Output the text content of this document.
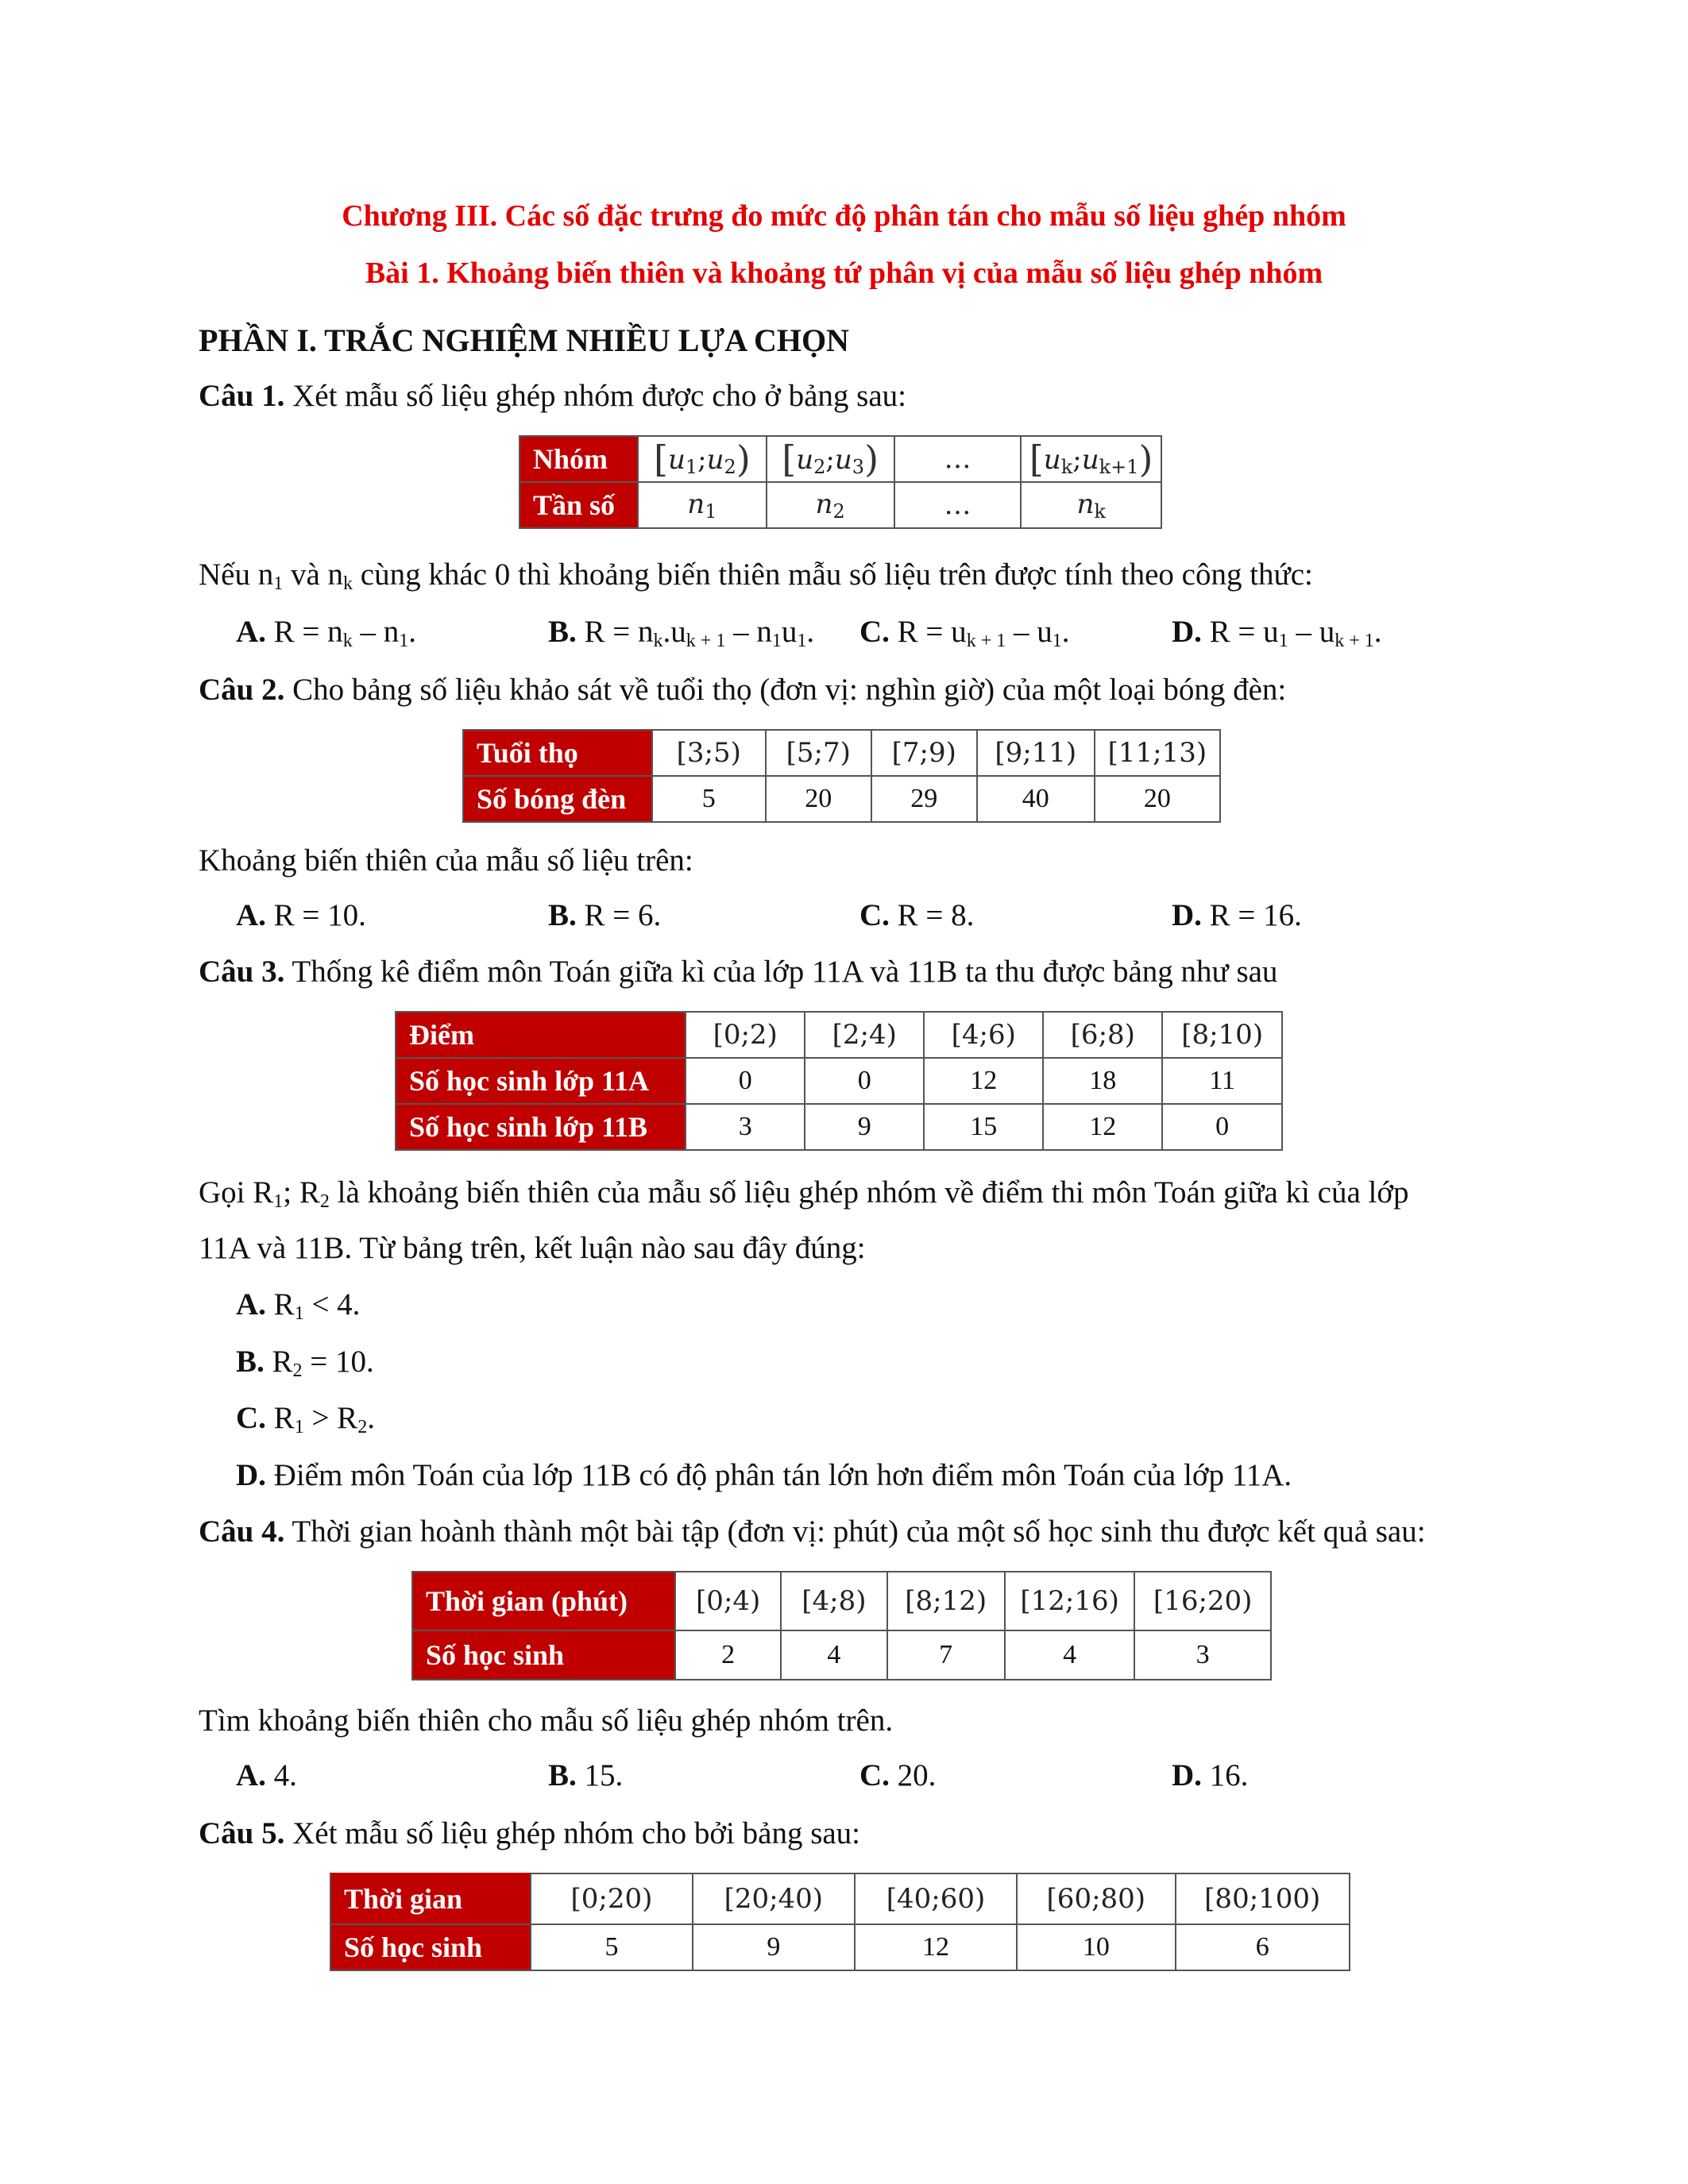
Chương III. Các số đặc trưng đo mức độ phân tán cho mẫu số liệu ghép nhóm
Bài 1. Khoảng biến thiên và khoảng tứ phân vị của mẫu số liệu ghép nhóm
PHẦN I. TRẮC NGHIỆM NHIỀU LỰA CHỌN
Câu 1. Xét mẫu số liệu ghép nhóm được cho ở bảng sau:
Nhóm	$[u_1;u_2)$	$[u_2;u_3)$	…	$[u_k;u_{k+1})$
Tần số	$n_1$	$n_2$	…	$n_k$
Nếu $n_1$ và $n_k$ cùng khác 0 thì khoảng biến thiên mẫu số liệu trên được tính theo công thức:
A. $R = n_k - n_1$.	B. $R = n_k.u_{k + 1} - n_1u_1$. C. $R = u_{k + 1} - u_1$.	D. $R = u_1 - u_{k + 1}$.
Câu 2. Cho bảng số liệu khảo sát về tuổi thọ (đơn vị: nghìn giờ) của một loại bóng đèn:
Tuổi thọ	[3;5)	[5;7)	[7;9)	[9;11)	[11;13)
Số bóng đèn	5	20	29	40	20
Khoảng biến thiên của mẫu số liệu trên:
A. R = 10.	B. R = 6.	C. R = 8.	D. R = 16.
Câu 3. Thống kê điểm môn Toán giữa kì của lớp 11A và 11B ta thu được bảng như sau
Điểm	[0;2)	[2;4)	[4;6)	[6;8)	[8;10)
Số học sinh lớp 11A	0	0	12	18	11
Số học sinh lớp 11B	3	9	15	12	0
Gọi $R_1$; $R_2$ là khoảng biến thiên của mẫu số liệu ghép nhóm về điểm thi môn Toán giữa kì của lớp
11A và 11B. Từ bảng trên, kết luận nào sau đây đúng:
A. $R_1 < 4$.
B. $R_2 = 10$.
C. $R_1 > R_2$.
D. Điểm môn Toán của lớp 11B có độ phân tán lớn hơn điểm môn Toán của lớp 11A.
Câu 4. Thời gian hoành thành một bài tập (đơn vị: phút) của một số học sinh thu được kết quả sau:
Thời gian (phút)	[0;4)	[4;8)	[8;12)	[12;16)	[16;20)
Số học sinh	2	4	7	4	3
Tìm khoảng biến thiên cho mẫu số liệu ghép nhóm trên.
A. 4.	B. 15.	C. 20.	D. 16.
Câu 5. Xét mẫu số liệu ghép nhóm cho bởi bảng sau:
Thời gian	[0;20)	[20;40)	[40;60)	[60;80)	[80;100)
Số học sinh	5	9	12	10	6
